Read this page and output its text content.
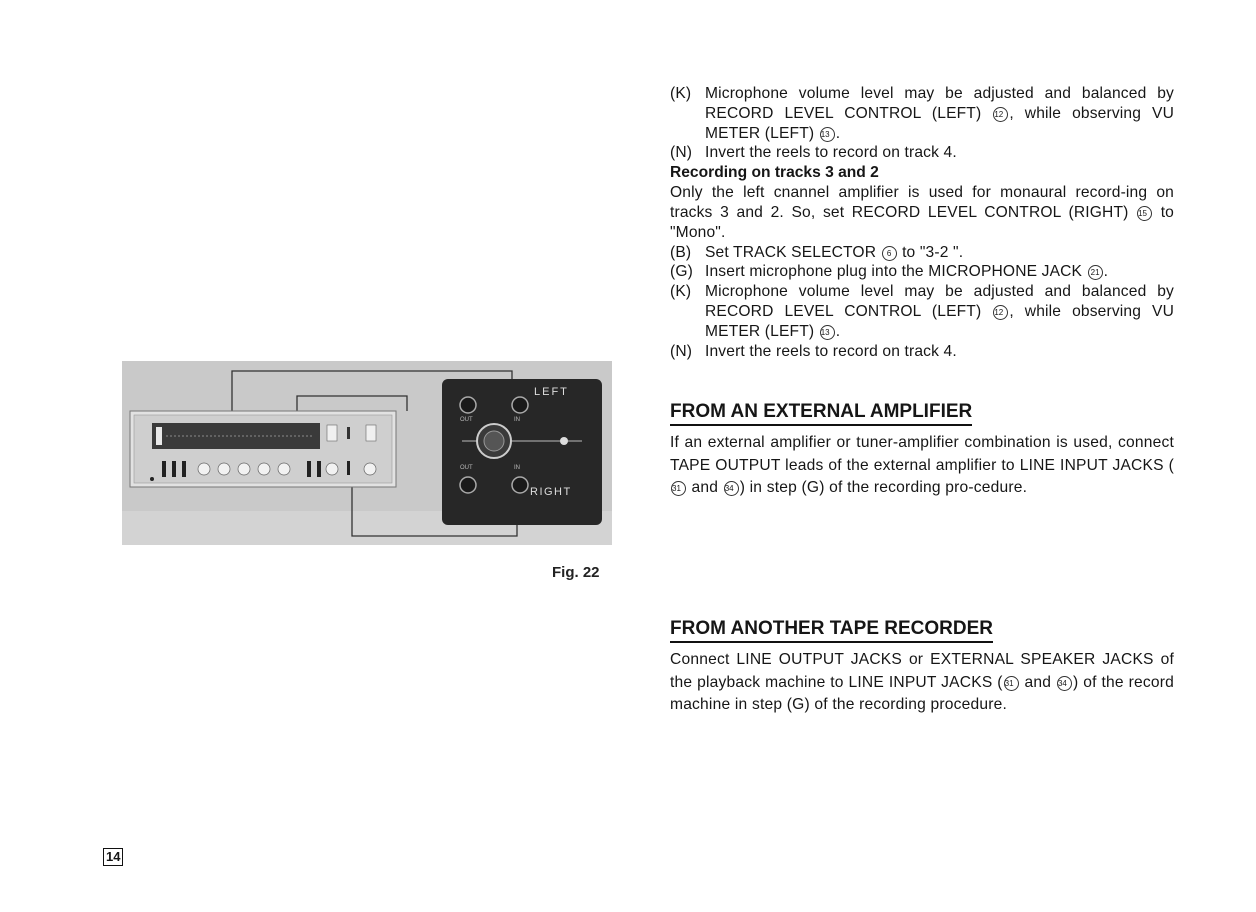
LEFT
RIGHT
OUT	IN
OUT	IN
Fig. 22
(K) Microphone volume level may be adjusted and balanced by RECORD LEVEL CONTROL (LEFT) 12 , while observing VU METER (LEFT) 13 .
(N) Invert the reels to record on track 4.
Recording on tracks 3 and 2
Only the left cnannel amplifier is used for monaural record-ing on tracks 3 and 2. So, set RECORD LEVEL CONTROL (RIGHT) 15 to "Mono".
(B) Set TRACK SELECTOR 6 to "3-2 ".
(G) Insert microphone plug into the MICROPHONE JACK 21 .
(K) Microphone volume level may be adjusted and balanced by RECORD LEVEL CONTROL (LEFT) 12 , while observing VU METER (LEFT) 13 .
(N) Invert the reels to record on track 4.
FROM AN EXTERNAL AMPLIFIER

If an external amplifier or tuner-amplifier combination is used, connect TAPE OUTPUT leads of the external amplifier to LINE INPUT JACKS (31 and 34 ) in step (G) of the recording pro-cedure.

FROM ANOTHER TAPE RECORDER

Connect LINE OUTPUT JACKS or EXTERNAL SPEAKER JACKS of the playback machine to LINE INPUT JACKS ( 31 and 34 ) of the record machine in step (G) of the recording procedure.

14
